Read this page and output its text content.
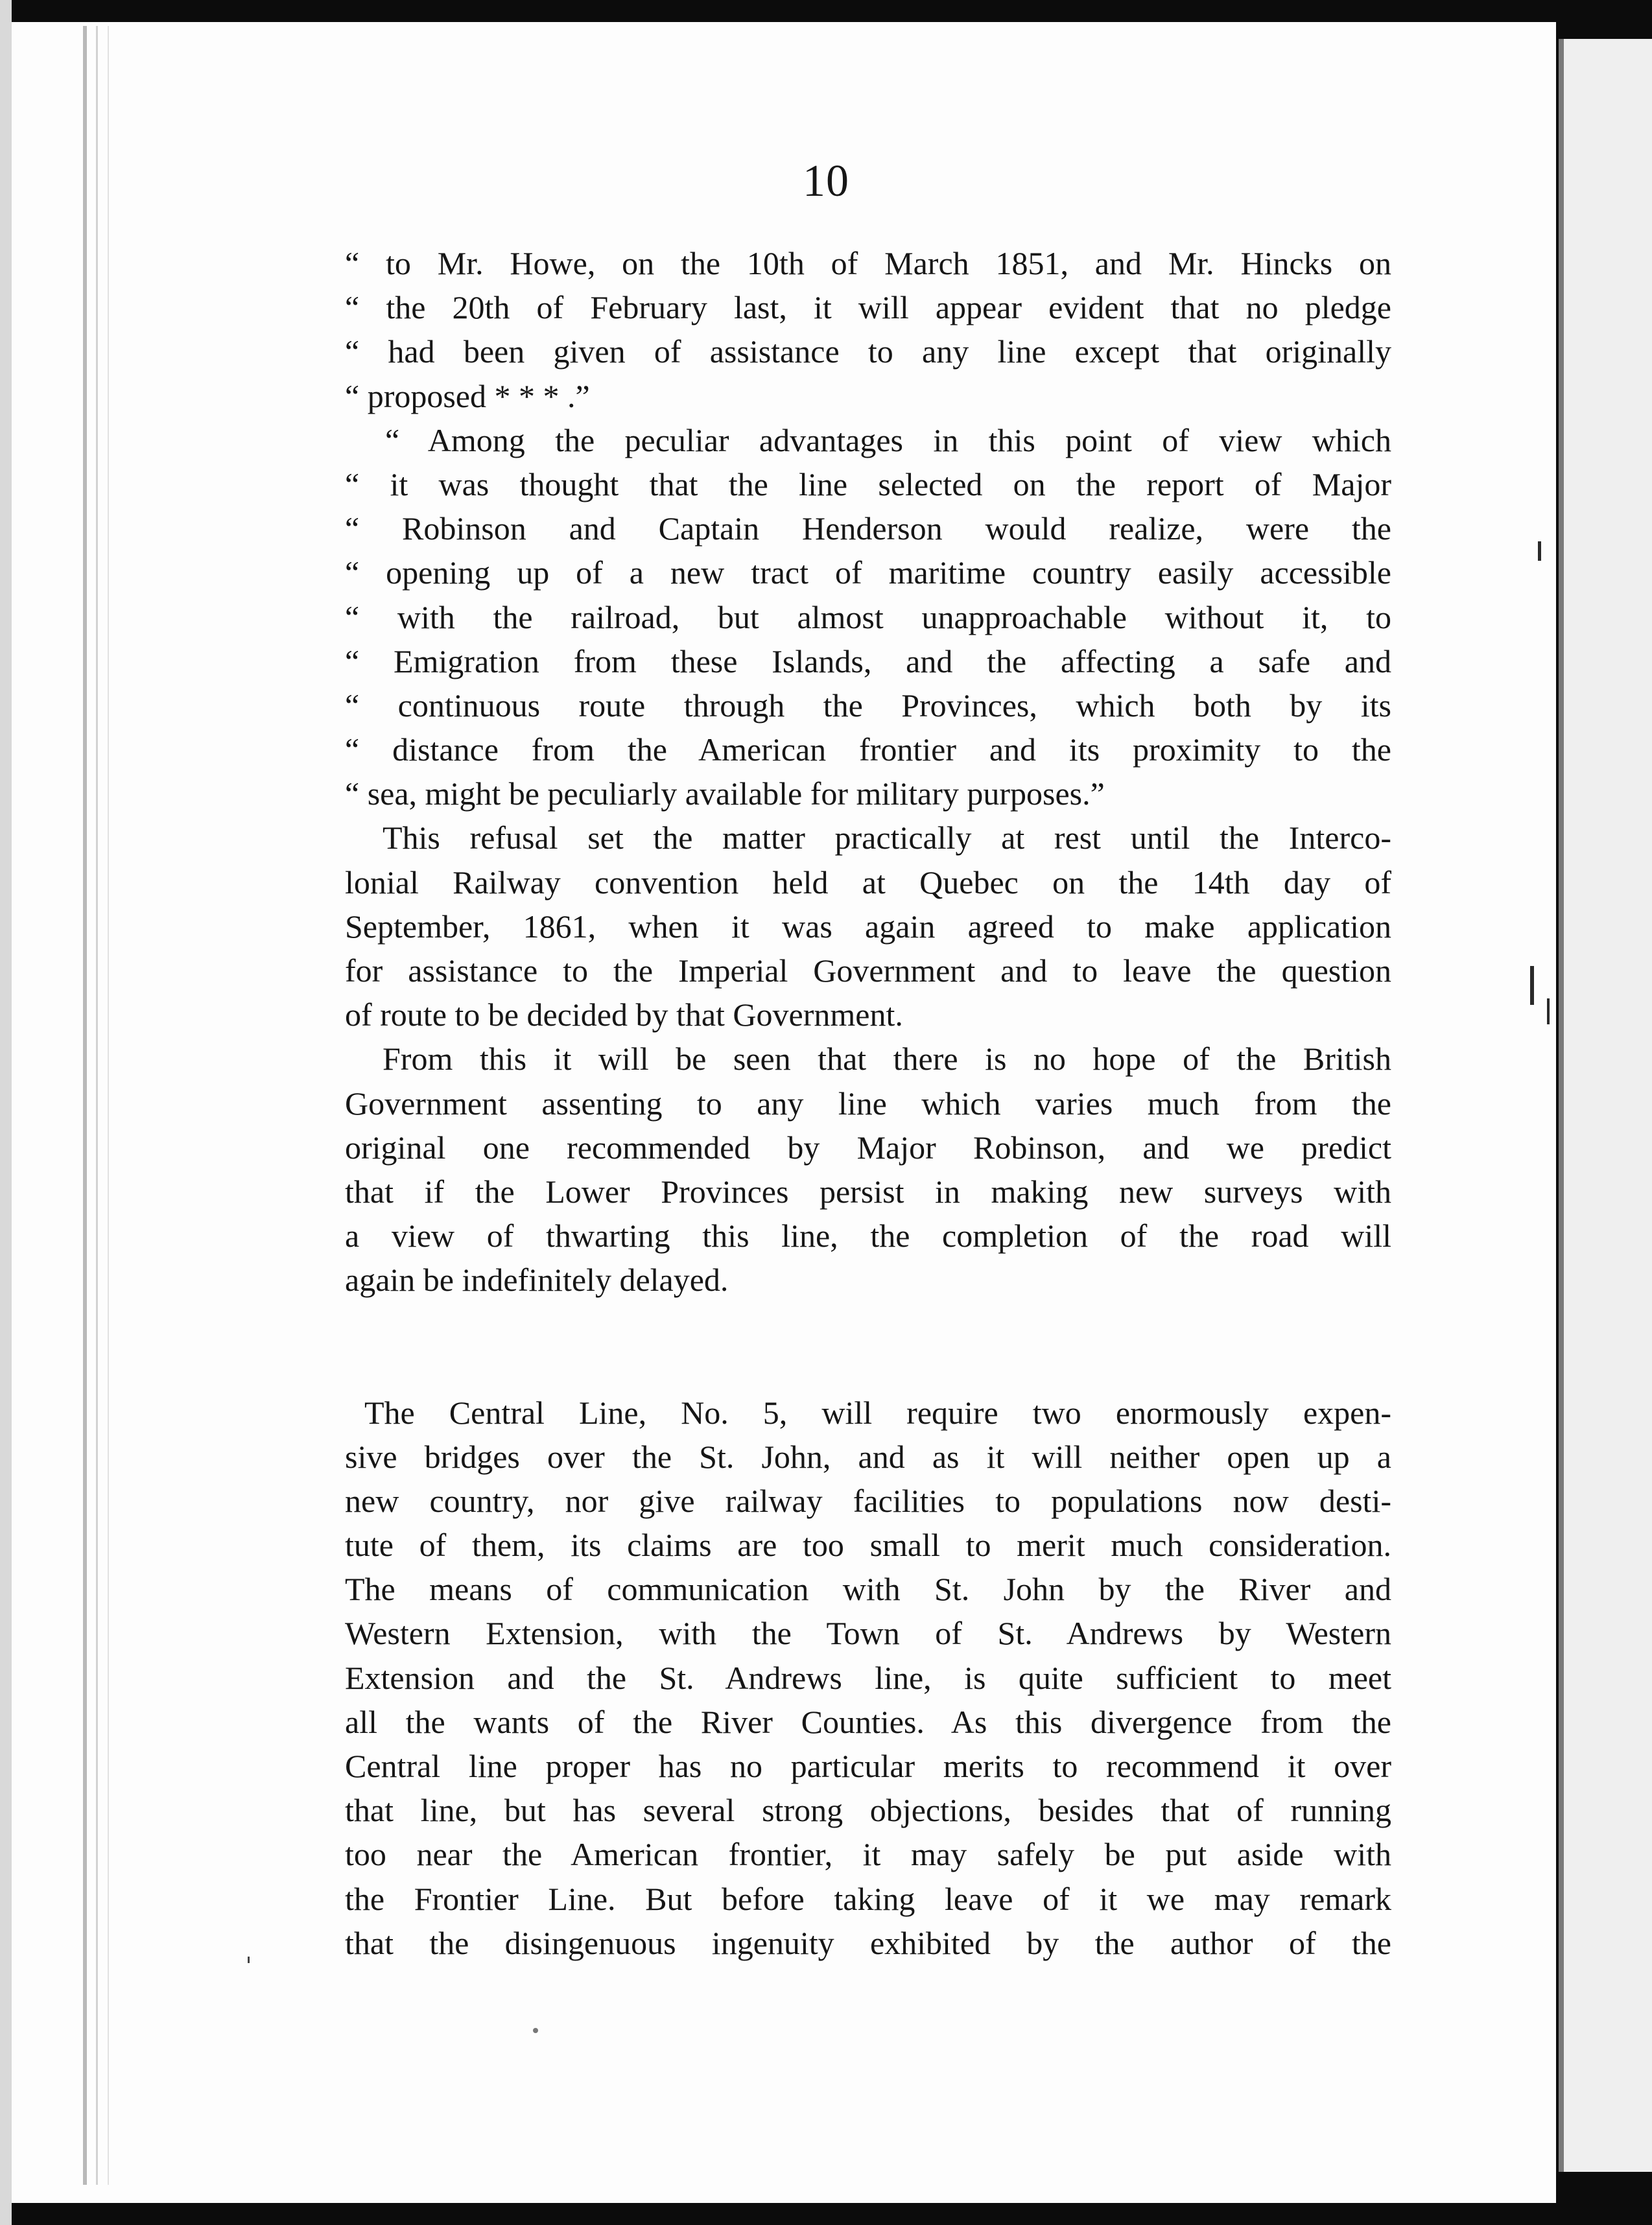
10
“ to Mr. Howe, on the 10th of March 1851, and Mr. Hincks on
“ the 20th of February last, it will appear evident that no pledge
“ had been given of assistance to any line except that originally
“ proposed * * * .”
“ Among the peculiar advantages in this point of view which
“ it was thought that the line selected on the report of Major
“ Robinson and Captain Henderson would realize, were the
“ opening up of a new tract of maritime country easily accessible
“ with the railroad, but almost unapproachable without it, to
“ Emigration from these Islands, and the affecting a safe and
“ continuous route through the Provinces, which both by its
“ distance from the American frontier and its proximity to the
“ sea, might be peculiarly available for military purposes.”
This refusal set the matter practically at rest until the Interco-
lonial Railway convention held at Quebec on the 14th day of
September, 1861, when it was again agreed to make application
for assistance to the Imperial Government and to leave the question
of route to be decided by that Government.
From this it will be seen that there is no hope of the British
Government assenting to any line which varies much from the
original one recommended by Major Robinson, and we predict
that if the Lower Provinces persist in making new surveys with
a view of thwarting this line, the completion of the road will
again be indefinitely delayed.
The Central Line, No. 5, will require two enormously expen-
sive bridges over the St. John, and as it will neither open up a
new country, nor give railway facilities to populations now desti-
tute of them, its claims are too small to merit much consideration.
The means of communication with St. John by the River and
Western Extension, with the Town of St. Andrews by Western
Extension and the St. Andrews line, is quite sufficient to meet
all the wants of the River Counties. As this divergence from the
Central line proper has no particular merits to recommend it over
that line, but has several strong objections, besides that of running
too near the American frontier, it may safely be put aside with
the Frontier Line. But before taking leave of it we may remark
that the disingenuous ingenuity exhibited by the author of the
